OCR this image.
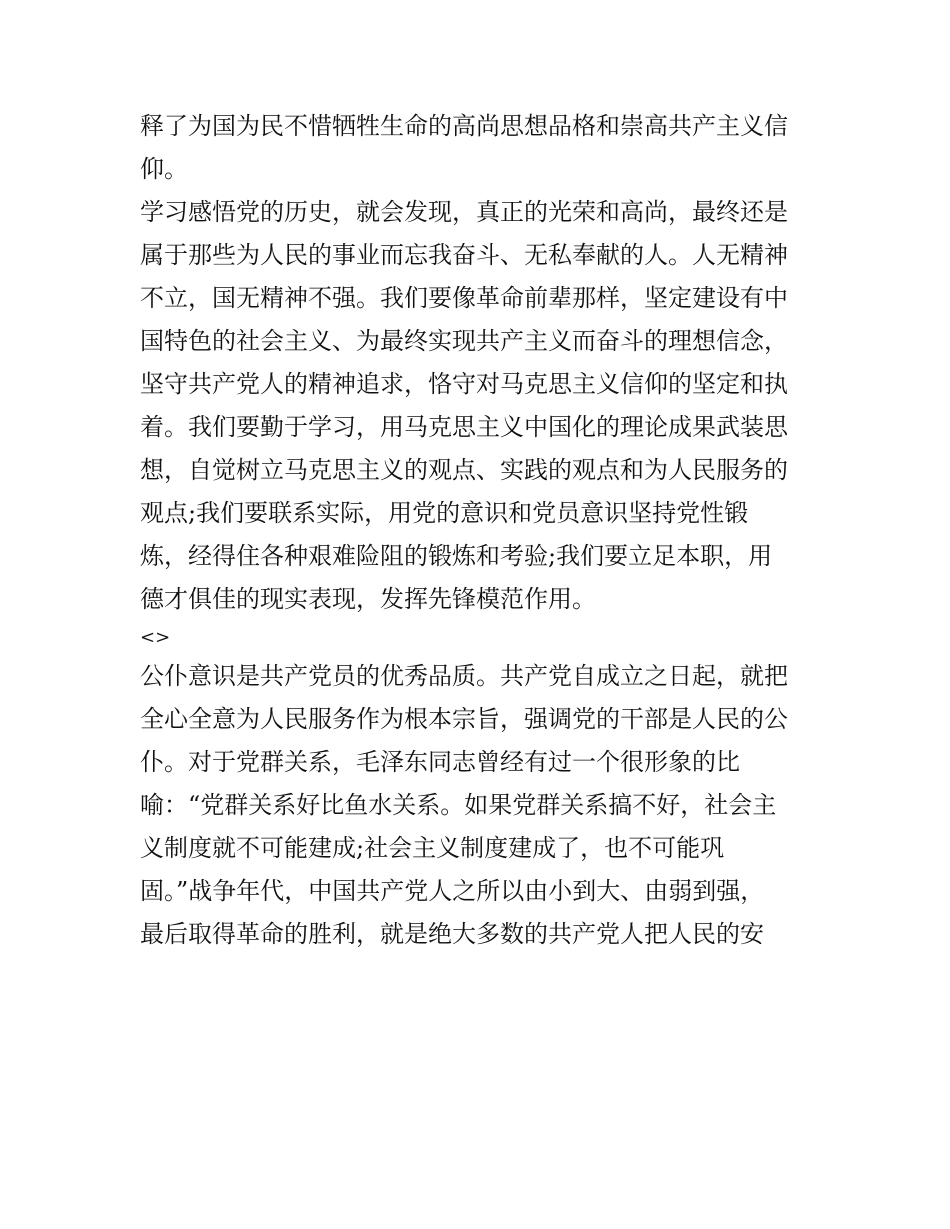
释了为国为民不惜牺牲生命的高尚思想品格和崇高共产主义信
仰。
学习感悟党的历史，就会发现，真正的光荣和高尚，最终还是
属于那些为人民的事业而忘我奋斗、无私奉献的人。人无精神
不立，国无精神不强。我们要像革命前辈那样，坚定建设有中
国特色的社会主义、为最终实现共产主义而奋斗的理想信念，
坚守共产党人的精神追求，恪守对马克思主义信仰的坚定和执
着。我们要勤于学习，用马克思主义中国化的理论成果武装思
想，自觉树立马克思主义的观点、实践的观点和为人民服务的
观点;我们要联系实际，用党的意识和党员意识坚持党性锻
炼，经得住各种艰难险阻的锻炼和考验;我们要立足本职，用
德才俱佳的现实表现，发挥先锋模范作用。
<>
公仆意识是共产党员的优秀品质。共产党自成立之日起，就把
全心全意为人民服务作为根本宗旨，强调党的干部是人民的公
仆。对于党群关系，毛泽东同志曾经有过一个很形象的比
喻：“党群关系好比鱼水关系。如果党群关系搞不好，社会主
义制度就不可能建成;社会主义制度建成了，也不可能巩
固。”战争年代，中国共产党人之所以由小到大、由弱到强，
最后取得革命的胜利，就是绝大多数的共产党人把人民的安
